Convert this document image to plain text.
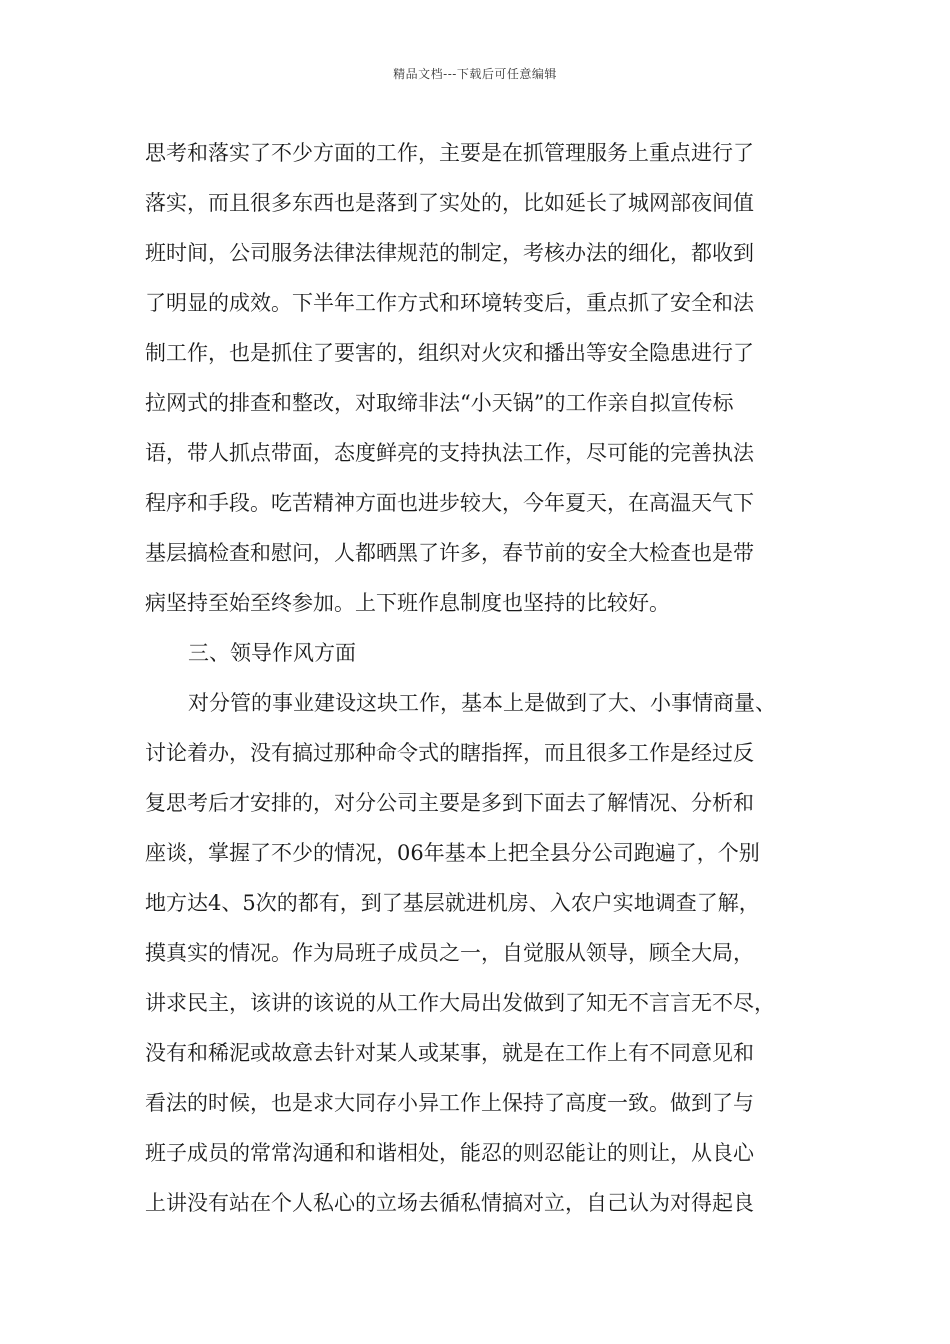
精品文档---下载后可任意编辑
思考和落实了不少方面的工作，主要是在抓管理服务上重点进行了
落实，而且很多东西也是落到了实处的，比如延长了城网部夜间值
班时间，公司服务法律法律规范的制定，考核办法的细化，都收到
了明显的成效。下半年工作方式和环境转变后，重点抓了安全和法
制工作，也是抓住了要害的，组织对火灾和播出等安全隐患进行了
拉网式的排查和整改，对取缔非法“小天锅”的工作亲自拟宣传标
语，带人抓点带面，态度鲜亮的支持执法工作，尽可能的完善执法
程序和手段。吃苦精神方面也进步较大，今年夏天，在高温天气下
基层搞检查和慰问，人都晒黑了许多，春节前的安全大检查也是带
病坚持至始至终参加。上下班作息制度也坚持的比较好。
三、领导作风方面
对分管的事业建设这块工作，基本上是做到了大、小事情商量、
讨论着办，没有搞过那种命令式的瞎指挥，而且很多工作是经过反
复思考后才安排的，对分公司主要是多到下面去了解情况、分析和
座谈，掌握了不少的情况，06年基本上把全县分公司跑遍了，个别
地方达4、5次的都有，到了基层就进机房、入农户实地调查了解，
摸真实的情况。作为局班子成员之一，自觉服从领导，顾全大局，
讲求民主，该讲的该说的从工作大局出发做到了知无不言言无不尽，
没有和稀泥或故意去针对某人或某事，就是在工作上有不同意见和
看法的时候，也是求大同存小异工作上保持了高度一致。做到了与
班子成员的常常沟通和和谐相处，能忍的则忍能让的则让，从良心
上讲没有站在个人私心的立场去循私情搞对立，自己认为对得起良
